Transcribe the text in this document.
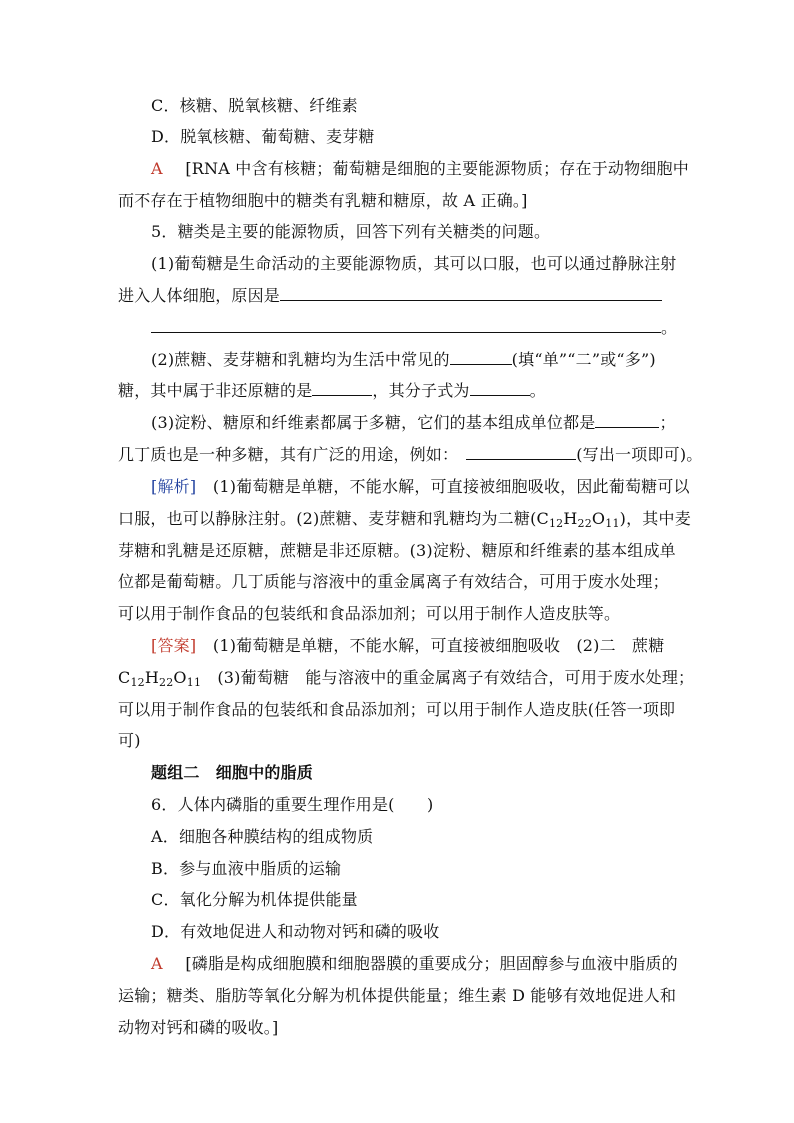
C．核糖、脱氧核糖、纤维素
D．脱氧核糖、葡萄糖、麦芽糖
A [RNA 中含有核糖；葡萄糖是细胞的主要能源物质；存在于动物细胞中
而不存在于植物细胞中的糖类有乳糖和糖原，故 A 正确。]
5．糖类是主要的能源物质，回答下列有关糖类的问题。
(1)葡萄糖是生命活动的主要能源物质，其可以口服，也可以通过静脉注射
进入人体细胞，原因是
。
(2)蔗糖、麦芽糖和乳糖均为生活中常见的	(填“单”“二”或“多”)
糖，其中属于非还原糖的是	，其分子式为	。
(3)淀粉、糖原和纤维素都属于多糖，它们的基本组成单位都是	；
几丁质也是一种多糖，其有广泛的用途，例如：	(写出一项即可)。
[解析] (1)葡萄糖是单糖，不能水解，可直接被细胞吸收，因此葡萄糖可以
口服，也可以静脉注射。(2)蔗糖、麦芽糖和乳糖均为二糖$(C_{12}H_{22}O_{11})$，其中麦
芽糖和乳糖是还原糖，蔗糖是非还原糖。(3)淀粉、糖原和纤维素的基本组成单
位都是葡萄糖。几丁质能与溶液中的重金属离子有效结合，可用于废水处理；
可以用于制作食品的包装纸和食品添加剂；可以用于制作人造皮肤等。
[答案] (1)葡萄糖是单糖，不能水解，可直接被细胞吸收　(2)二　蔗糖
$C_{12}H_{22}O_{11}$　(3)葡萄糖　能与溶液中的重金属离子有效结合，可用于废水处理；
可以用于制作食品的包装纸和食品添加剂；可以用于制作人造皮肤(任答一项即
可)
题组二　细胞中的脂质
6．人体内磷脂的重要生理作用是(　　)
A．细胞各种膜结构的组成物质
B．参与血液中脂质的运输
C．氧化分解为机体提供能量
D．有效地促进人和动物对钙和磷的吸收
A [磷脂是构成细胞膜和细胞器膜的重要成分；胆固醇参与血液中脂质的
运输；糖类、脂肪等氧化分解为机体提供能量；维生素 D 能够有效地促进人和
动物对钙和磷的吸收。]
